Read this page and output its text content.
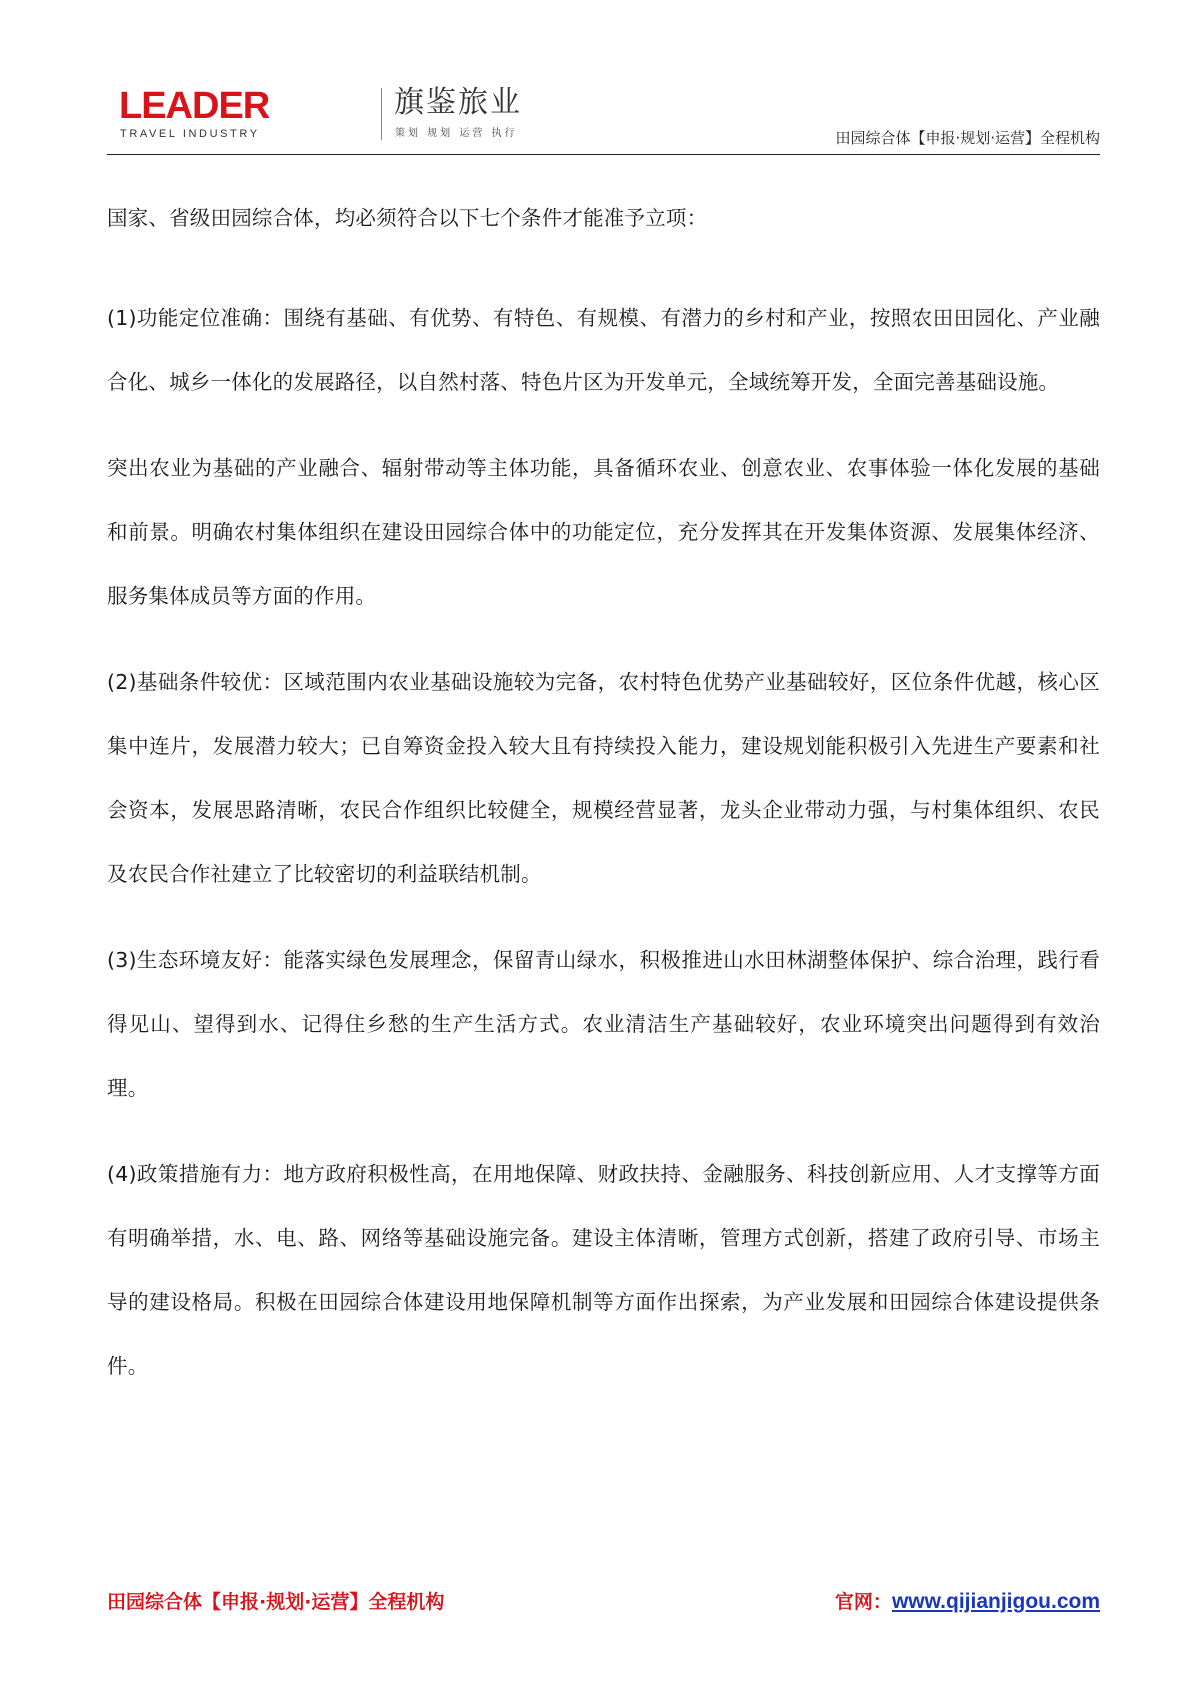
LEADER
TRAVEL INDUSTRY
旗鉴旅业
策划 规划 运营 执行	田园综合体【申报·规划·运营】全程机构

国家、省级田园综合体，均必须符合以下七个条件才能准予立项：

(1)功能定位准确：围绕有基础、有优势、有特色、有规模、有潜力的乡村和产业，按照农田田园化、产业融合化、城乡一体化的发展路径，以自然村落、特色片区为开发单元，全域统筹开发，全面完善基础设施。

突出农业为基础的产业融合、辐射带动等主体功能，具备循环农业、创意农业、农事体验一体化发展的基础和前景。明确农村集体组织在建设田园综合体中的功能定位，充分发挥其在开发集体资源、发展集体经济、服务集体成员等方面的作用。

(2)基础条件较优：区域范围内农业基础设施较为完备，农村特色优势产业基础较好，区位条件优越，核心区集中连片，发展潜力较大；已自筹资金投入较大且有持续投入能力，建设规划能积极引入先进生产要素和社会资本，发展思路清晰，农民合作组织比较健全，规模经营显著，龙头企业带动力强，与村集体组织、农民及农民合作社建立了比较密切的利益联结机制。

(3)生态环境友好：能落实绿色发展理念，保留青山绿水，积极推进山水田林湖整体保护、综合治理，践行看得见山、望得到水、记得住乡愁的生产生活方式。农业清洁生产基础较好，农业环境突出问题得到有效治理。

(4)政策措施有力：地方政府积极性高，在用地保障、财政扶持、金融服务、科技创新应用、人才支撑等方面有明确举措，水、电、路、网络等基础设施完备。建设主体清晰，管理方式创新，搭建了政府引导、市场主导的建设格局。积极在田园综合体建设用地保障机制等方面作出探索，为产业发展和田园综合体建设提供条件。

田园综合体【申报·规划·运营】全程机构	官网：www.qijianjigou.com
